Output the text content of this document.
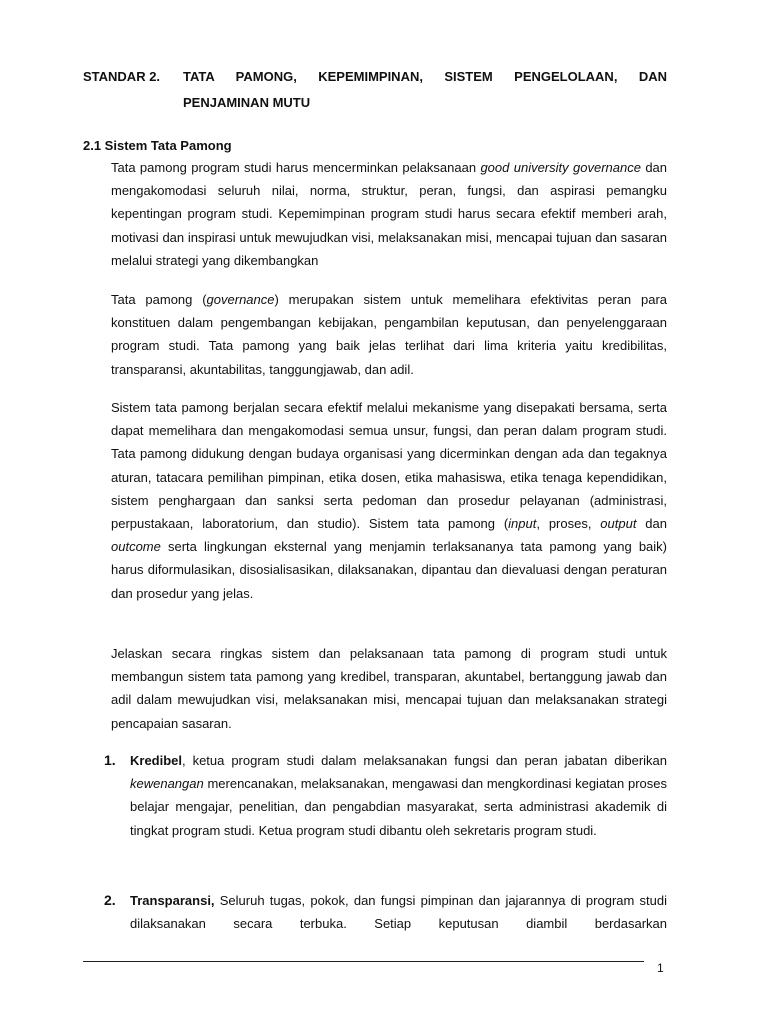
STANDAR 2.	TATA PAMONG, KEPEMIMPINAN, SISTEM PENGELOLAAN, DAN
PENJAMINAN MUTU
2.1 Sistem Tata Pamong

Tata pamong program studi harus mencerminkan pelaksanaan good university governance dan mengakomodasi seluruh nilai, norma, struktur, peran, fungsi, dan aspirasi pemangku kepentingan program studi. Kepemimpinan program studi harus secara efektif memberi arah, motivasi dan inspirasi untuk mewujudkan visi, melaksanakan misi, mencapai tujuan dan sasaran melalui strategi yang dikembangkan

Tata pamong (governance) merupakan sistem untuk memelihara efektivitas peran para konstituen dalam pengembangan kebijakan, pengambilan keputusan, dan penyelenggaraan program studi. Tata pamong yang baik jelas terlihat dari lima kriteria yaitu kredibilitas, transparansi, akuntabilitas, tanggungjawab, dan adil.

Sistem tata pamong berjalan secara efektif melalui mekanisme yang disepakati bersama, serta dapat memelihara dan mengakomodasi semua unsur, fungsi, dan peran dalam program studi. Tata pamong didukung dengan budaya organisasi yang dicerminkan dengan ada dan tegaknya aturan, tatacara pemilihan pimpinan, etika dosen, etika mahasiswa, etika tenaga kependidikan, sistem penghargaan dan sanksi serta pedoman dan prosedur pelayanan (administrasi, perpustakaan, laboratorium, dan studio). Sistem tata pamong (input, proses, output dan outcome serta lingkungan eksternal yang menjamin terlaksananya tata pamong yang baik) harus diformulasikan, disosialisasikan, dilaksanakan, dipantau dan dievaluasi dengan peraturan dan prosedur yang jelas.

Jelaskan secara ringkas sistem dan pelaksanaan tata pamong di program studi untuk membangun sistem tata pamong yang kredibel, transparan, akuntabel, bertanggung jawab dan adil dalam mewujudkan visi, melaksanakan misi, mencapai tujuan dan melaksanakan strategi pencapaian sasaran.

1. Kredibel, ketua program studi dalam melaksanakan fungsi dan peran jabatan diberikan kewenangan merencanakan, melaksanakan, mengawasi dan mengkordinasi kegiatan proses belajar mengajar, penelitian, dan pengabdian masyarakat, serta administrasi akademik di tingkat program studi. Ketua program studi dibantu oleh sekretaris program studi.
2. Transparansi, Seluruh tugas, pokok, dan fungsi pimpinan dan jajarannya di program studi dilaksanakan secara terbuka. Setiap keputusan diambil berdasarkan
1
